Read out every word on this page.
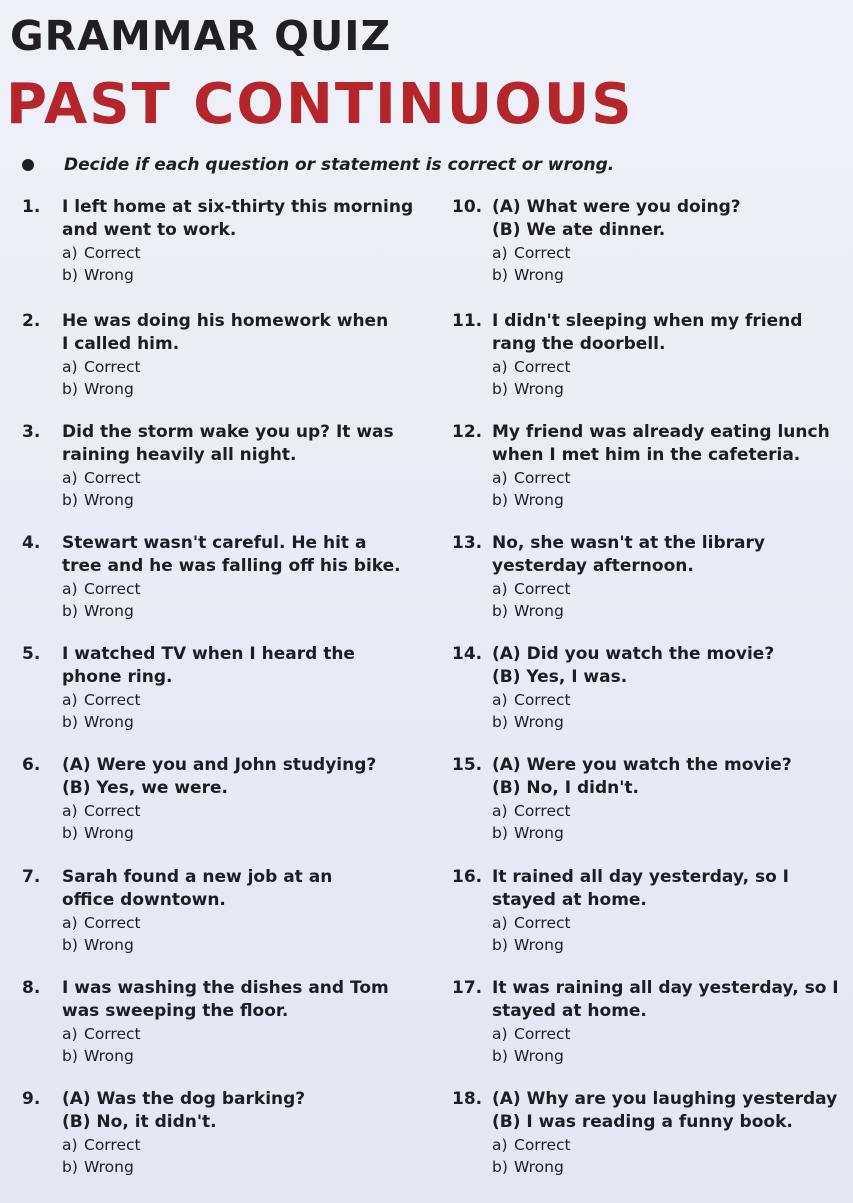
GRAMMAR QUIZ
PAST CONTINUOUS
Decide if each question or statement is correct or wrong.
1.	I left home at six-thirty this morning
and went to work.
a) Correct
b) Wrong
2.	He was doing his homework when
I called him.
a) Correct
b) Wrong
3.	Did the storm wake you up? It was
raining heavily all night.
a) Correct
b) Wrong
4.	Stewart wasn't careful. He hit a
tree and he was falling off his bike.
a) Correct
b) Wrong
5.	I watched TV when I heard the
phone ring.
a) Correct
b) Wrong
6.	(A) Were you and John studying?
(B) Yes, we were.
a) Correct
b) Wrong
7.	Sarah found a new job at an
office downtown.
a) Correct
b) Wrong
8.	I was washing the dishes and Tom
was sweeping the floor.
a) Correct
b) Wrong
9.	(A) Was the dog barking?
(B) No, it didn't.
a) Correct
b) Wrong
10. (A) What were you doing?
(B) We ate dinner.
a) Correct
b) Wrong
11. I didn't sleeping when my friend
rang the doorbell.
a) Correct
b) Wrong
12. My friend was already eating lunch
when I met him in the cafeteria.
a) Correct
b) Wrong
13. No, she wasn't at the library
yesterday afternoon.
a) Correct
b) Wrong
14. (A) Did you watch the movie?
(B) Yes, I was.
a) Correct
b) Wrong
15. (A) Were you watch the movie?
(B) No, I didn't.
a) Correct
b) Wrong
16. It rained all day yesterday, so I
stayed at home.
a) Correct
b) Wrong
17. It was raining all day yesterday, so I
stayed at home.
a) Correct
b) Wrong
18. (A) Why are you laughing yesterday
(B) I was reading a funny book.
a) Correct
b) Wrong
